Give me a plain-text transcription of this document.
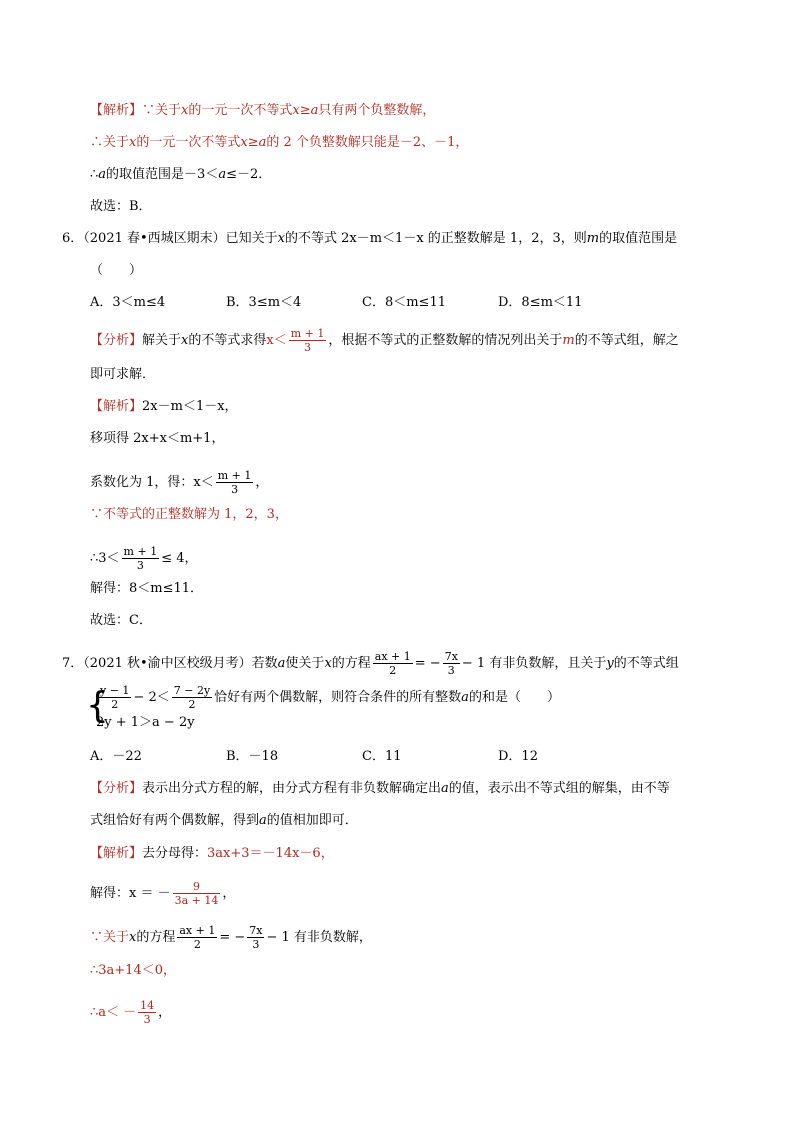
【解析】∵关于x的一元一次不等式x≥a只有两个负整数解，
∴关于x的一元一次不等式x≥a的 2 个负整数解只能是－2、－1，
∴a的取值范围是－3＜a≤－2．
故选：B．
6．（2021 春•西城区期末）已知关于x的不等式 2x－m＜1－x 的正整数解是 1，2，3，则m的取值范围是
（　　）
A．3＜m≤4	B．3≤m＜4	C．8＜m≤11	D．8≤m＜11
【分析】解关于x的不等式求得$x< \frac{m + 1}{3}$ ，根据不等式的正整数解的情况列出关于m的不等式组，解之
即可求解．
【解析】2x－m＜1－x，
移项得 2x+x＜m+1，
系数化为 1，得：$x< \frac{m + 1}{3}$ ，
∵不等式的正整数解为 1，2，3，
∴3＜ $\frac{m + 1}{3} \le 4$，
解得：8＜m≤11．
故选：C．
7．（2021 秋•渝中区校级月考）若数a使关于x的方程 $\frac{ax + 1}{2}$ = − $\frac{7x}{3} - 1$ 有非负数解，且关于y的不等式组
{
$\frac{y - 1}{2} - 2< \frac{7 - 2y}{2}$ 恰好有两个偶数解，则符合条件的所有整数a的和是（　　）
2y + 1＞a − 2y
A．－22	B．－18	C．11	D．12
【分析】表示出分式方程的解，由分式方程有非负数解确定出a的值，表示出不等式组的解集，由不等
式组恰好有两个偶数解，得到a的值相加即可．
【解析】去分母得：3ax+3＝－14x－6，
解得：x ＝ － $\frac{9}{3a + 14}$ ，
∵关于x的方程 $\frac{ax + 1}{2}$ = − $\frac{7x}{3} - 1$ 有非负数解，
∴3a+14＜0，
∴a＜ － $\frac{14}{3}$ ，
